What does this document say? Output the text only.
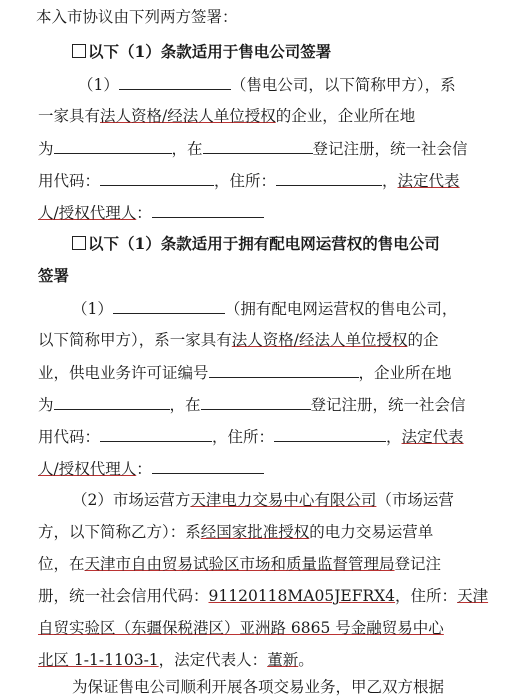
本入市协议由下列两方签署：
以下（1）条款适用于售电公司签署
（1）	（售电公司，以下简称甲方），系
一家具有法人资格/经法人单位授权的企业，企业所在地
为	，在	登记注册，统一社会信
用代码：	，住所：	，法定代表
人/授权代理人：
以下（1）条款适用于拥有配电网运营权的售电公司
签署
（1）	（拥有配电网运营权的售电公司，
以下简称甲方），系一家具有法人资格/经法人单位授权的企
业，供电业务许可证编号	，企业所在地
为	，在	登记注册，统一社会信
用代码：	，住所：	，法定代表
人/授权代理人：
（2）市场运营方天津电力交易中心有限公司（市场运营
方，以下简称乙方）：系经国家批准授权的电力交易运营单
位，在天津市自由贸易试验区市场和质量监督管理局登记注
册，统一社会信用代码：91120118MA05JEFRX4，住所：天津
自贸实验区（东疆保税港区）亚洲路 6865 号金融贸易中心
北区 1-1-1103-1，法定代表人：董新。
为保证售电公司顺利开展各项交易业务，甲乙双方根据
